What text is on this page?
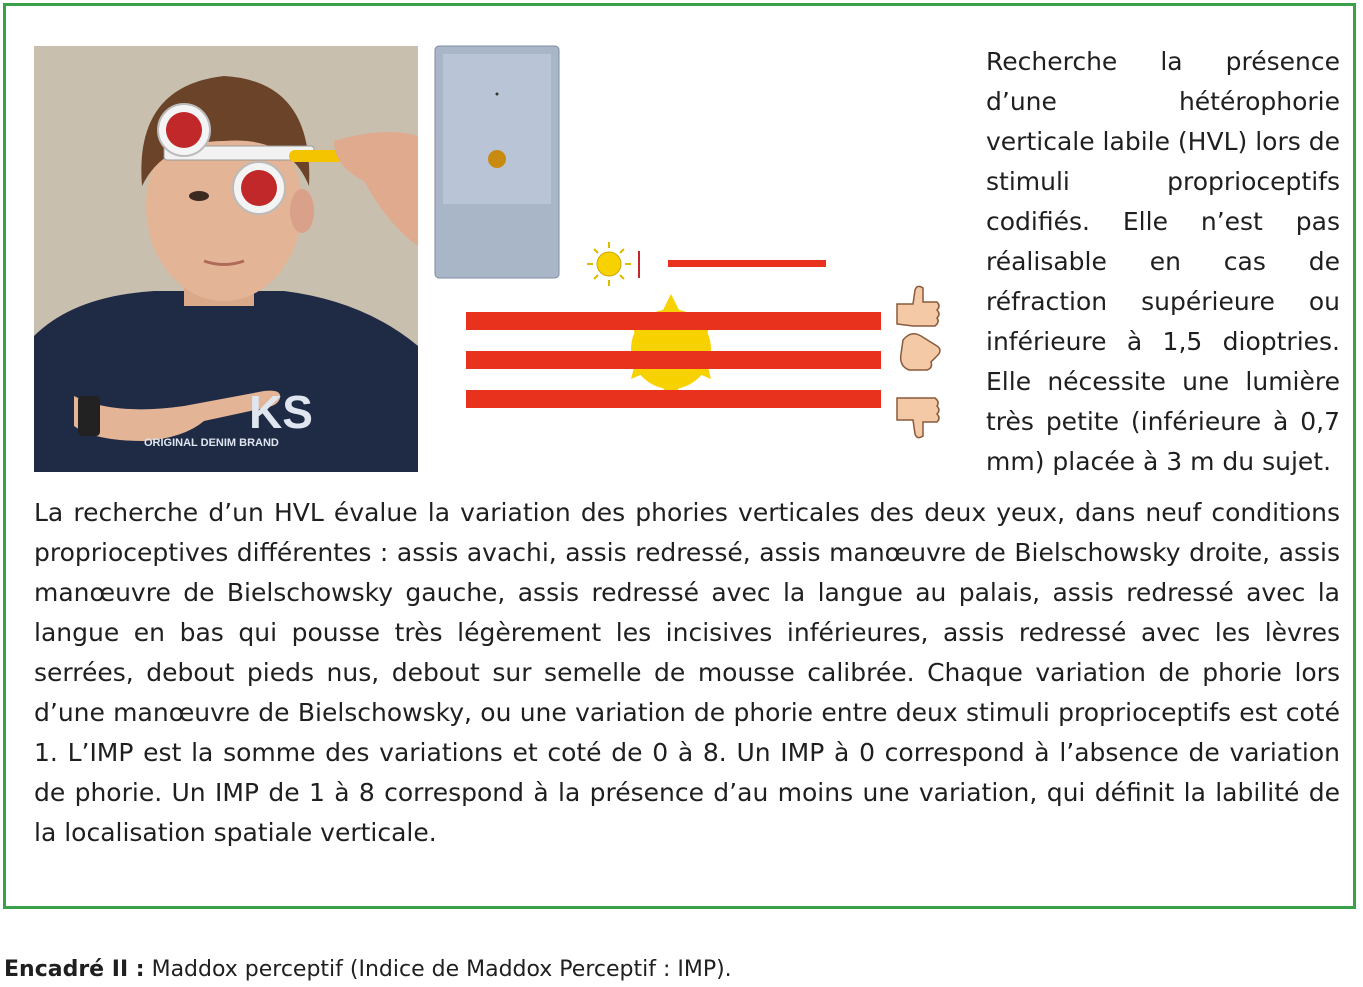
KS
ORIGINAL DENIM BRAND

Recherche la présence d’une hétérophorie verticale labile (HVL) lors de stimuli proprioceptifs codifiés. Elle n’est pas réalisable en cas de réfraction supérieure ou inférieure à 1,5 dioptries. Elle nécessite une lumière très petite (inférieure à 0,7 mm) placée à 3 m du sujet.

La recherche d’un HVL évalue la variation des phories verticales des deux yeux, dans neuf conditions proprioceptives différentes : assis avachi, assis redressé, assis manœuvre de Bielschowsky droite, assis manœuvre de Bielschowsky gauche, assis redressé avec la langue au palais, assis redressé avec la langue en bas qui pousse très légèrement les incisives inférieures, assis redressé avec les lèvres serrées, debout pieds nus, debout sur semelle de mousse calibrée. Chaque variation de phorie lors d’une manœuvre de Bielschowsky, ou une variation de phorie entre deux stimuli proprioceptifs est coté 1. L’IMP est la somme des variations et coté de 0 à 8. Un IMP à 0 correspond à l’absence de variation de phorie. Un IMP de 1 à 8 correspond à la présence d’au moins une variation, qui définit la labilité de la localisation spatiale verticale.

Encadré II : Maddox perceptif (Indice de Maddox Perceptif : IMP).
